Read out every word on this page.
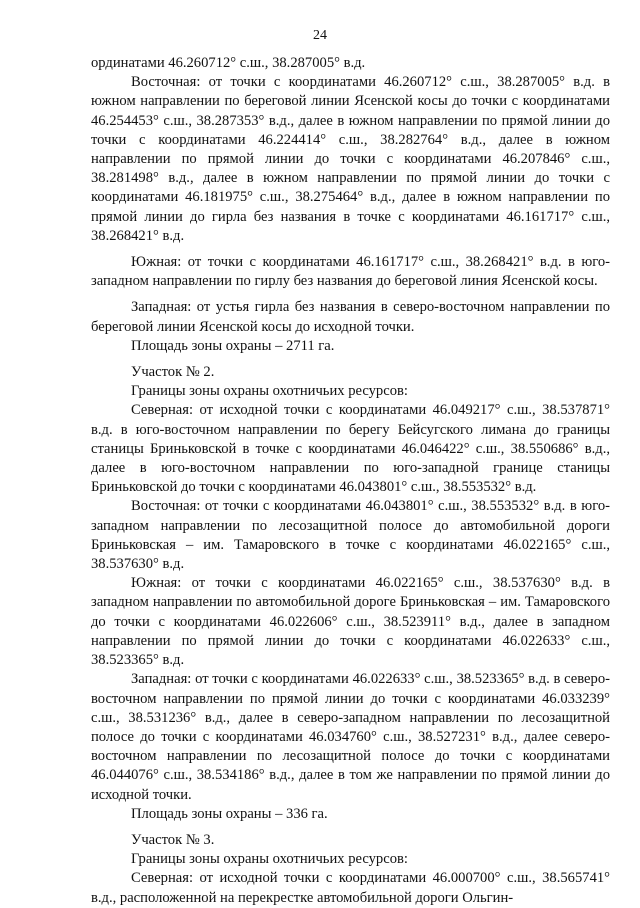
24

ординатами 46.260712° с.ш., 38.287005° в.д.

Восточная: от точки с координатами 46.260712° с.ш., 38.287005° в.д. в южном направлении по береговой линии Ясенской косы до точки с координатами 46.254453° с.ш., 38.287353° в.д., далее в южном направлении по прямой линии до точки с координатами 46.224414° с.ш., 38.282764° в.д., далее в южном направлении по прямой линии до точки с координатами 46.207846° с.ш., 38.281498° в.д., далее в южном направлении по прямой линии до точки с координатами 46.181975° с.ш., 38.275464° в.д., далее в южном направлении по прямой линии до гирла без названия в точке с координатами 46.161717° с.ш., 38.268421° в.д.

Южная: от точки с координатами 46.161717° с.ш., 38.268421° в.д. в юго-западном направлении по гирлу без названия до береговой линия Ясенской косы.

Западная: от устья гирла без названия в северо-восточном направлении по береговой линии Ясенской косы до исходной точки.

Площадь зоны охраны – 2711 га.

Участок № 2.

Границы зоны охраны охотничьих ресурсов:

Северная: от исходной точки с координатами 46.049217° с.ш., 38.537871° в.д. в юго-восточном направлении по берегу Бейсугского лимана до границы станицы Бриньковской в точке с координатами 46.046422° с.ш., 38.550686° в.д., далее в юго-восточном направлении по юго-западной границе станицы Бриньковской до точки с координатами 46.043801° с.ш., 38.553532° в.д.

Восточная: от точки с координатами 46.043801° с.ш., 38.553532° в.д. в юго-западном направлении по лесозащитной полосе до автомобильной дороги Бриньковская – им. Тамаровского в точке с координатами 46.022165° с.ш., 38.537630° в.д.

Южная: от точки с координатами 46.022165° с.ш., 38.537630° в.д. в западном направлении по автомобильной дороге Бриньковская – им. Тамаровского до точки с координатами 46.022606° с.ш., 38.523911° в.д., далее в западном направлении по прямой линии до точки с координатами 46.022633° с.ш., 38.523365° в.д.

Западная: от точки с координатами 46.022633° с.ш., 38.523365° в.д. в северо-восточном направлении по прямой линии до точки с координатами 46.033239° с.ш., 38.531236° в.д., далее в северо-западном направлении по лесозащитной полосе до точки с координатами 46.034760° с.ш., 38.527231° в.д., далее северо-восточном направлении по лесозащитной полосе до точки с координатами 46.044076° с.ш., 38.534186° в.д., далее в том же направлении по прямой линии до исходной точки.

Площадь зоны охраны – 336 га.

Участок № 3.

Границы зоны охраны охотничьих ресурсов:

Северная: от исходной точки с координатами 46.000700° с.ш., 38.565741° в.д., расположенной на перекрестке автомобильной дороги Ольгин-
